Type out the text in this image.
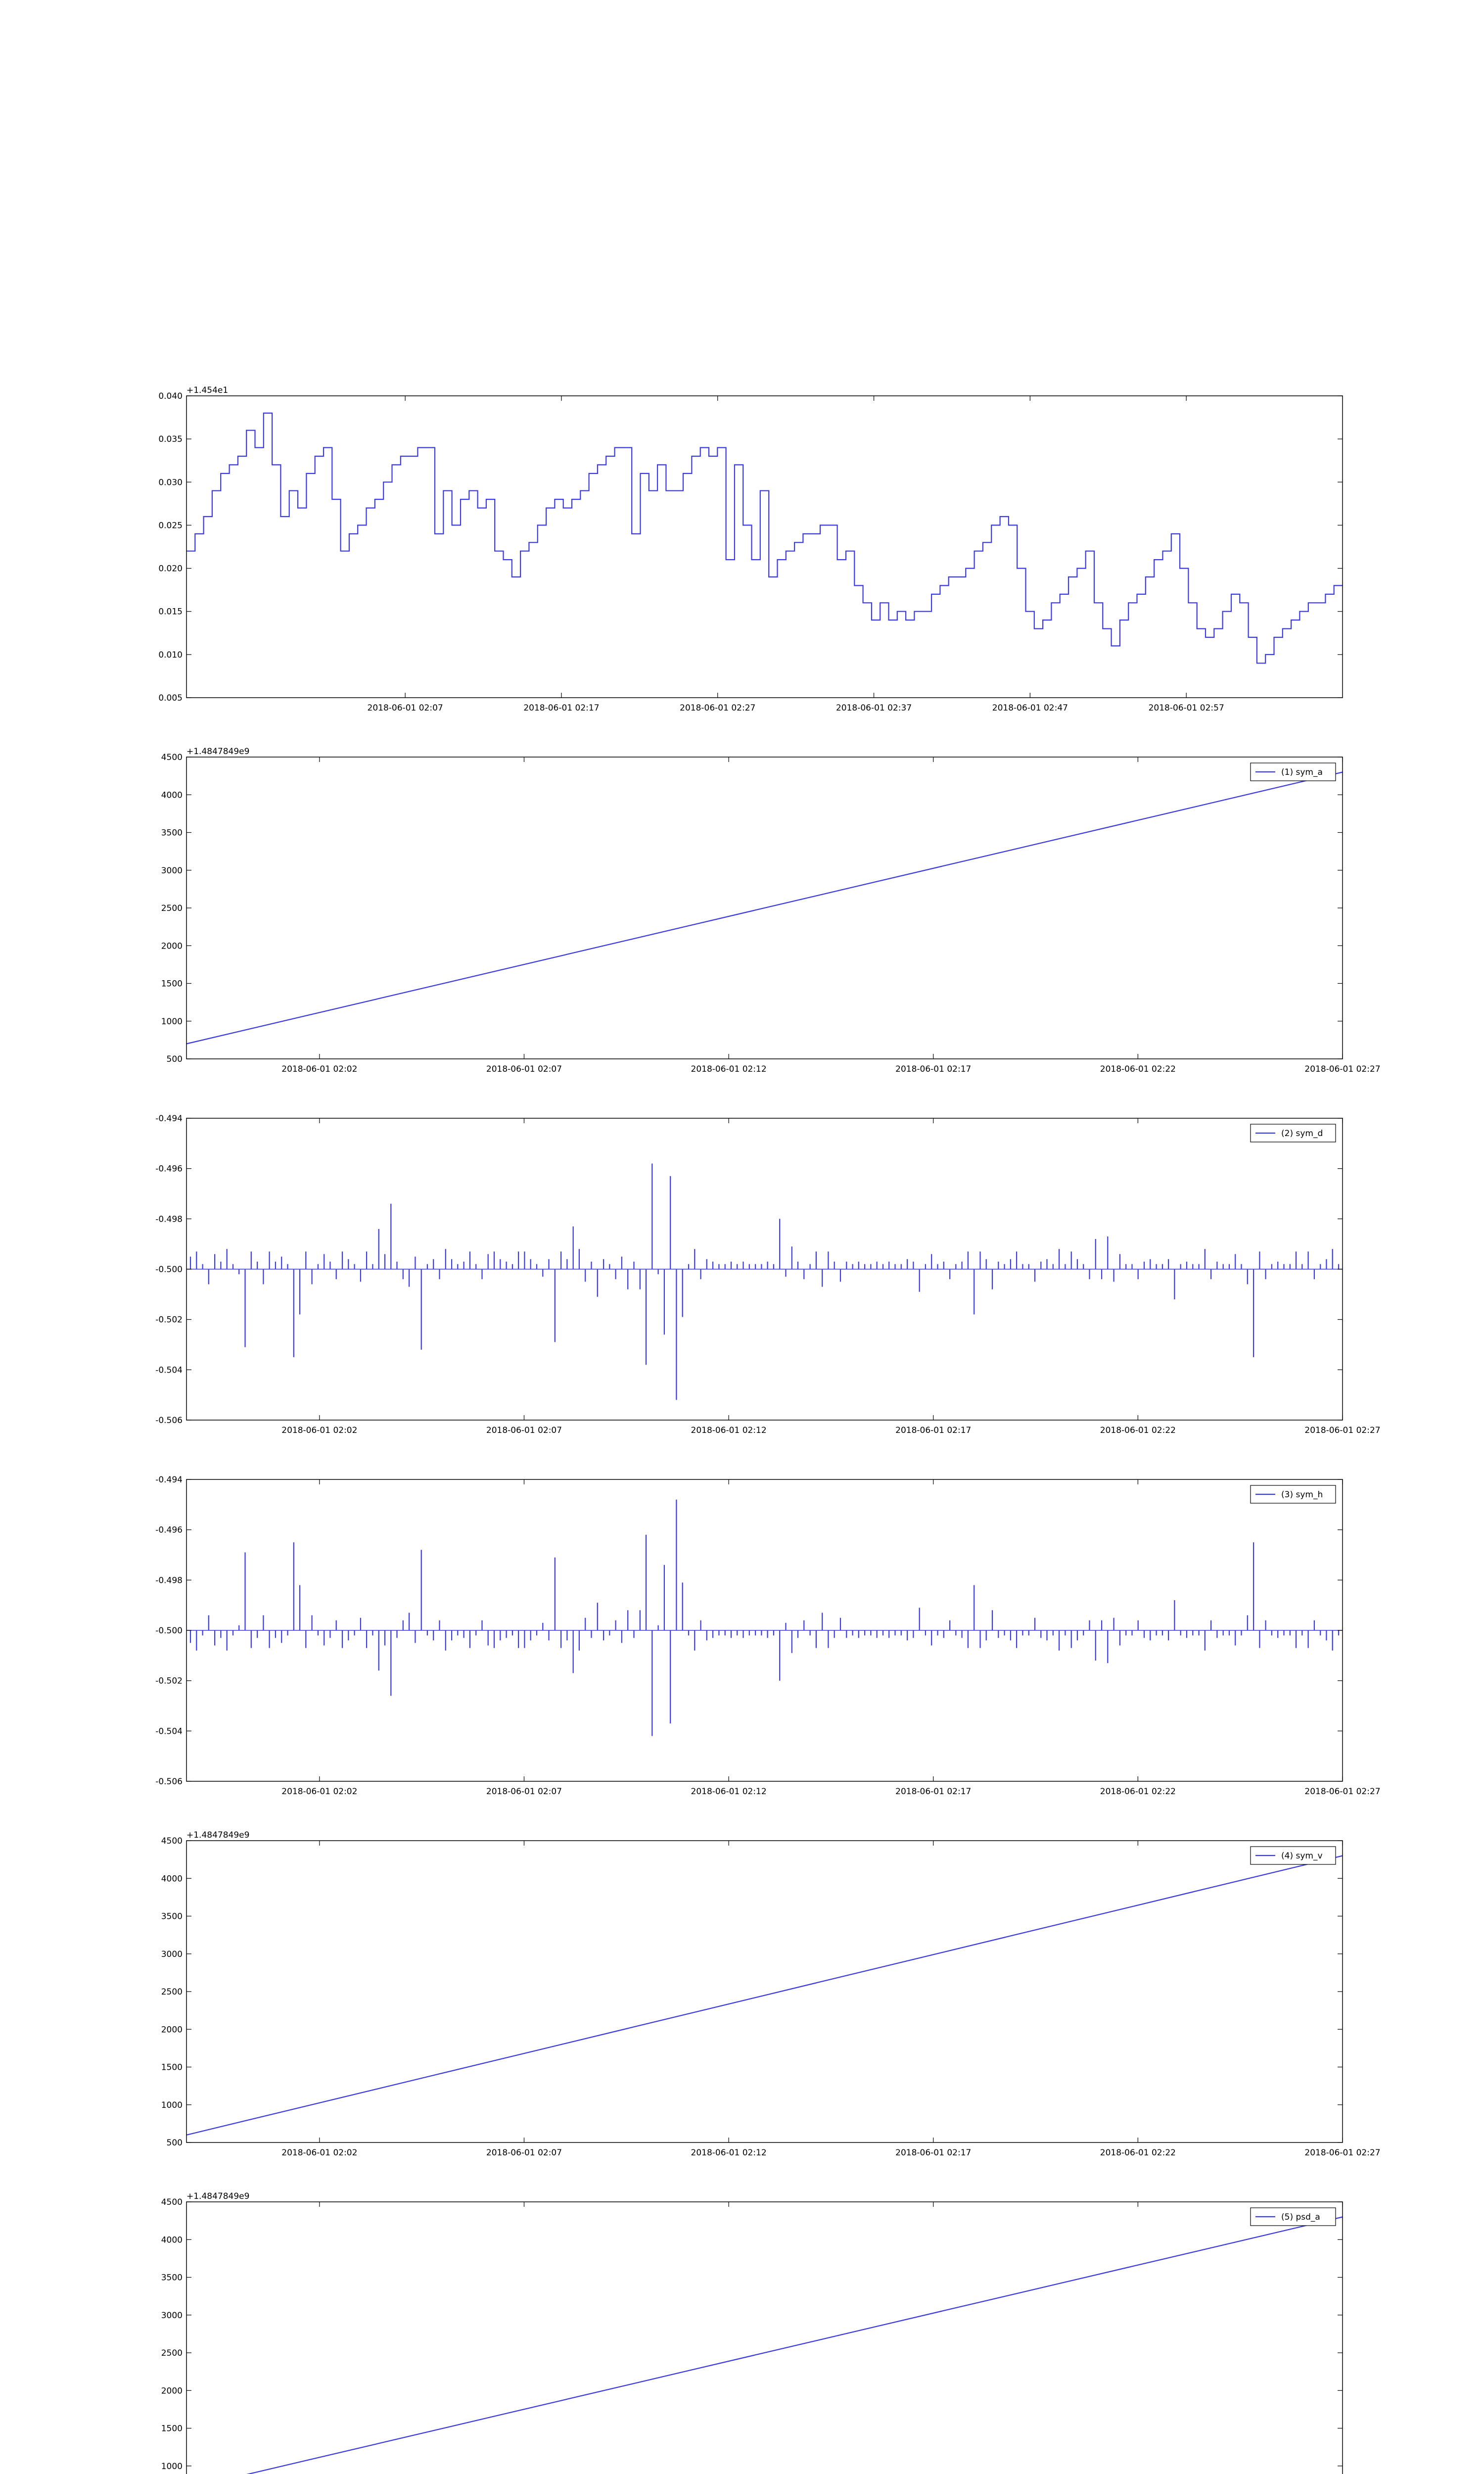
0.005
0.010
0.015
0.020
0.025
0.030
0.035
0.040
2018-06-01 02:07	2018-06-01 02:17	2018-06-01 02:27	2018-06-01 02:37	2018-06-01 02:47	2018-06-01 02:57
+1.454e1
500
1000
1500
2000
2500
3000
3500
4000
4500
2018-06-01 02:02	2018-06-01 02:07	2018-06-01 02:12	2018-06-01 02:17	2018-06-01 02:22	2018-06-01 02:27
+1.4847849e9
(1) sym_a
-0.506
-0.504
-0.502
-0.500
-0.498
-0.496
-0.494
2018-06-01 02:02	2018-06-01 02:07	2018-06-01 02:12	2018-06-01 02:17	2018-06-01 02:22	2018-06-01 02:27
(2) sym_d
-0.506
-0.504
-0.502
-0.500
-0.498
-0.496
-0.494
2018-06-01 02:02	2018-06-01 02:07	2018-06-01 02:12	2018-06-01 02:17	2018-06-01 02:22	2018-06-01 02:27
(3) sym_h
500
1000
1500
2000
2500
3000
3500
4000
4500
2018-06-01 02:02	2018-06-01 02:07	2018-06-01 02:12	2018-06-01 02:17	2018-06-01 02:22	2018-06-01 02:27
+1.4847849e9
(4) sym_v
1000
1500
2000
2500
3000
3500
4000
4500
+1.4847849e9
(5) psd_a
